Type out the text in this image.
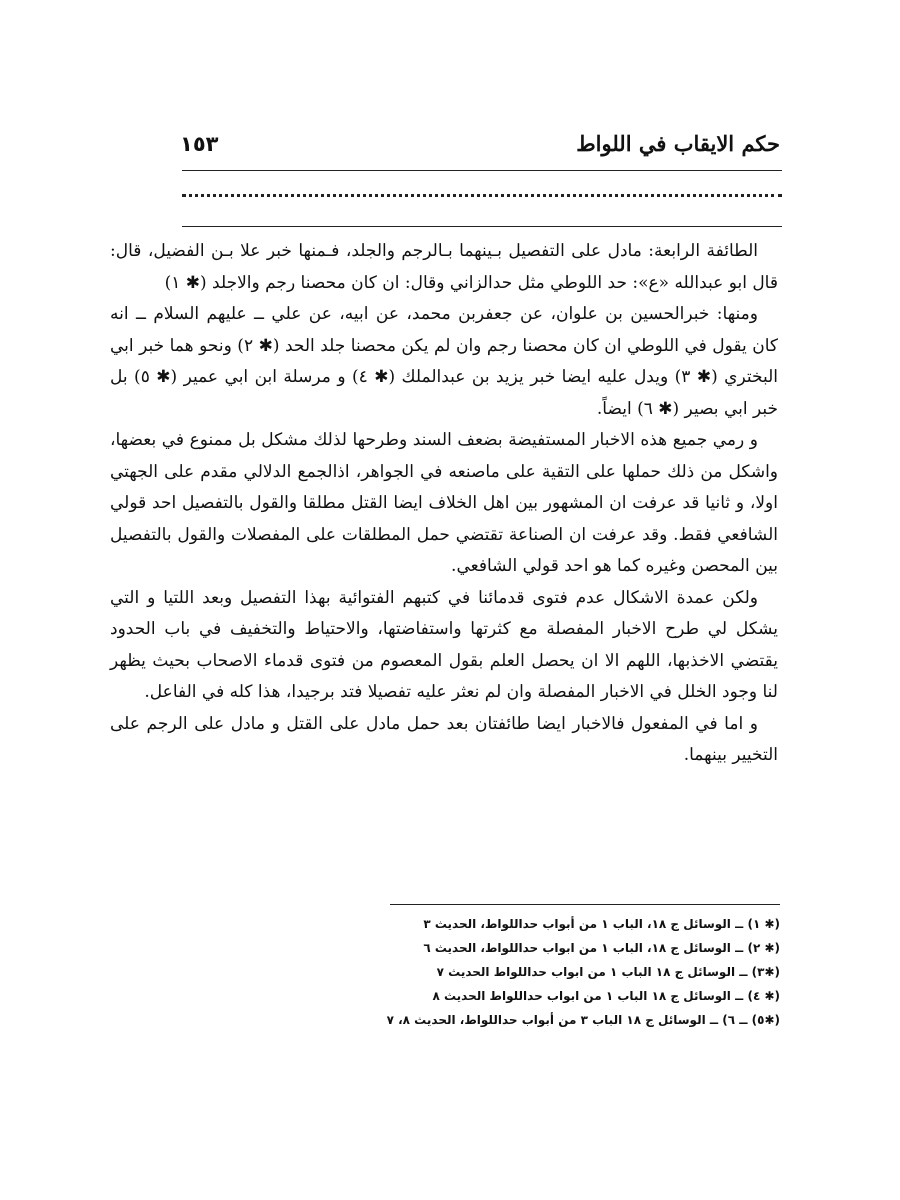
حكم الايقاب في اللواط
١٥٣

الطائفة الرابعة: مادل على التفصيل بـينهما بـالرجم والجلد، فـمنها خبر علا بـن الفضيل، قال: قال ابو عبدالله «ع»: حد اللوطي مثل حدالزاني وقال: ان كان محصنا رجم والاجلد (✱ ١)

ومنها: خبرالحسين بن علوان، عن جعفربن محمد، عن ابيه، عن علي ــ عليهم السلام ــ انه كان يقول في اللوطي ان كان محصنا رجم وان لم يكن محصنا جلد الحد (✱ ٢) ونحو هما خبر ابي البختري (✱ ٣) ويدل عليه ايضا خبر يزيد بن عبدالملك (✱ ٤) و مرسلة ابن ابي عمير (✱ ٥) بل خبر ابي بصير (✱ ٦) ايضاً.

و رمي جميع هذه الاخبار المستفيضة بضعف السند وطرحها لذلك مشكل بل ممنوع في بعضها، واشكل من ذلك حملها على التقية على ماصنعه في الجواهر، اذالجمع الدلالي مقدم على الجهتي اولا، و ثانيا قد عرفت ان المشهور بين اهل الخلاف ايضا القتل مطلقا والقول بالتفصيل احد قولي الشافعي فقط. وقد عرفت ان الصناعة تقتضي حمل المطلقات على المفصلات والقول بالتفصيل بين المحصن وغيره كما هو احد قولي الشافعي.

ولكن عمدة الاشكال عدم فتوى قدمائنا في كتبهم الفتوائية بهذا التفصيل وبعد اللتيا و التي يشكل لي طرح الاخبار المفصلة مع كثرتها واستفاضتها، والاحتياط والتخفيف في باب الحدود يقتضي الاخذبها، اللهم الا ان يحصل العلم بقول المعصوم من فتوى قدماء الاصحاب بحيث يظهر لنا وجود الخلل في الاخبار المفصلة وان لم نعثر عليه تفصيلا فتد برجيدا، هذا كله في الفاعل.

و اما في المفعول فالاخبار ايضا طائفتان بعد حمل مادل على القتل و مادل على الرجم على التخيير بينهما.

(✱ ١) ــ الوسائل ج ١٨، الباب ١ من أبواب حداللواط، الحديث ٣
(✱ ٢) ــ الوسائل ج ١٨، الباب ١ من ابواب حداللواط، الحديث ٦
(✱٣) ــ الوسائل ج ١٨ الباب ١ من ابواب حداللواط الحديث ٧
(✱ ٤) ــ الوسائل ج ١٨ الباب ١ من ابواب حداللواط الحديث ٨
(✱٥) ــ ٦) ــ الوسائل ج ١٨ الباب ٣ من أبواب حداللواط، الحديث ٨، ٧
